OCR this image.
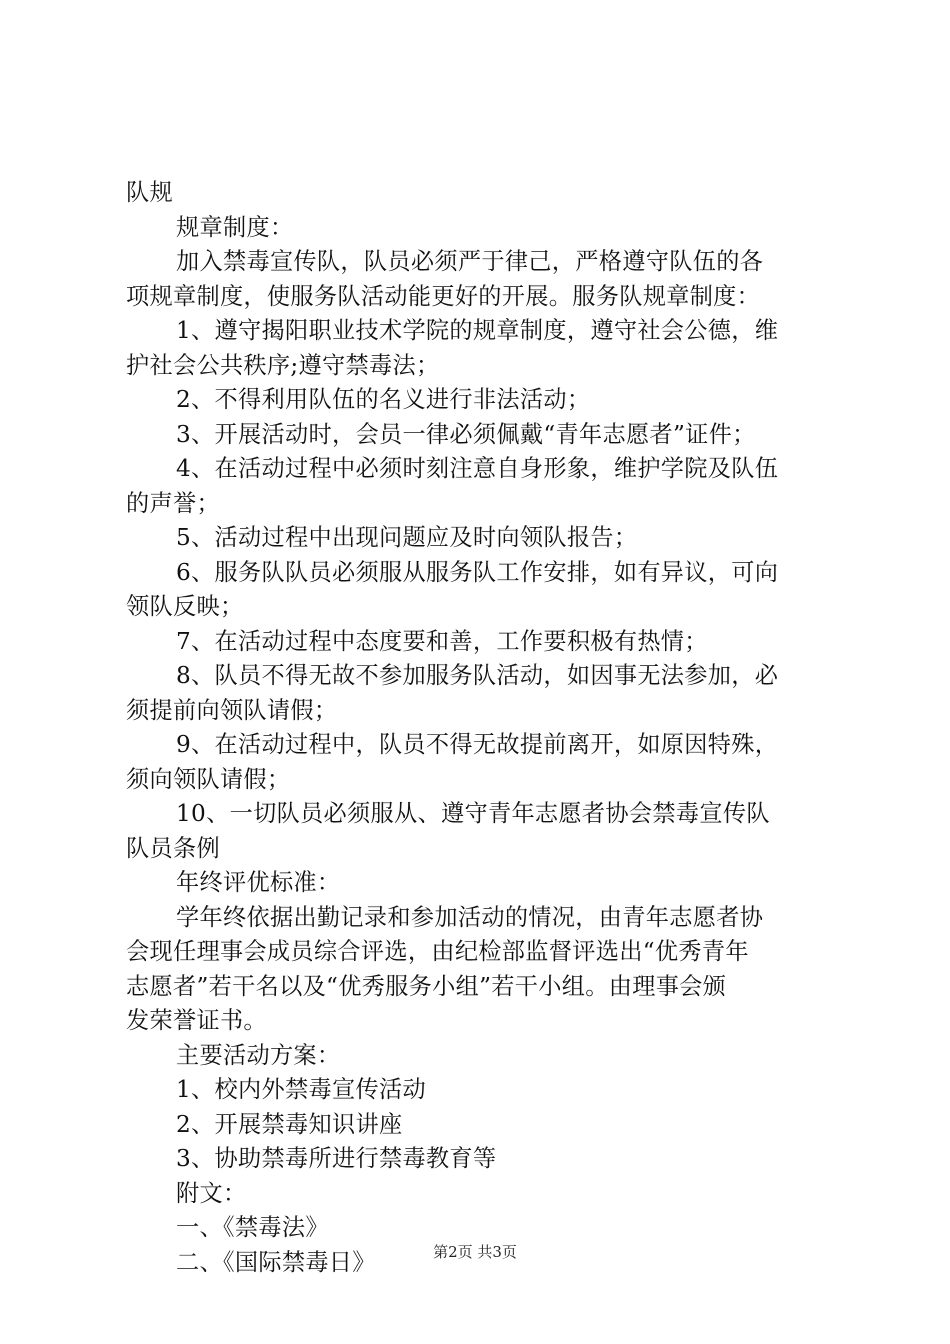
队规
规章制度：
加入禁毒宣传队，队员必须严于律己，严格遵守队伍的各
项规章制度，使服务队活动能更好的开展。服务队规章制度：
1、遵守揭阳职业技术学院的规章制度，遵守社会公德，维
护社会公共秩序;遵守禁毒法；
2、不得利用队伍的名义进行非法活动；
3、开展活动时，会员一律必须佩戴“青年志愿者”证件；
4、在活动过程中必须时刻注意自身形象，维护学院及队伍
的声誉；
5、活动过程中出现问题应及时向领队报告；
6、服务队队员必须服从服务队工作安排，如有异议，可向
领队反映；
7、在活动过程中态度要和善，工作要积极有热情；
8、队员不得无故不参加服务队活动，如因事无法参加，必
须提前向领队请假；
9、在活动过程中，队员不得无故提前离开，如原因特殊，
须向领队请假；
10、一切队员必须服从、遵守青年志愿者协会禁毒宣传队
队员条例
年终评优标准：
学年终依据出勤记录和参加活动的情况，由青年志愿者协
会现任理事会成员综合评选，由纪检部监督评选出“优秀青年
志愿者”若干名以及“优秀服务小组”若干小组。由理事会颁
发荣誉证书。
主要活动方案：
1、校内外禁毒宣传活动
2、开展禁毒知识讲座
3、协助禁毒所进行禁毒教育等
附文：
一、《禁毒法》
二、《国际禁毒日》	第2页 共3页
